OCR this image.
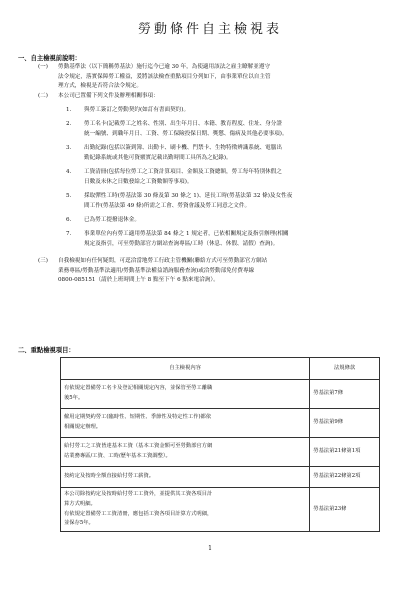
勞動條件自主檢視表
一、自主檢視前說明：
(一) 勞動基準法（以下簡稱勞基法）施行迄今已逾 30 年，為使適用該法之雇主瞭解並遵守
法令規定，落實保障勞工權益，爰將該法檢查重點項目分列如下，由事業單位以自主管
理方式，檢視是否符合法令規定。
(二) 本公司已置備下列文件及辦理相關事項：
1. 與勞工簽訂之勞動契約(如訂有書面契約)。
2. 勞工名卡(記載勞工之姓名、性別、出生年月日、本籍、教育程度、住址、身分證
統一編號、到職年月日、工資、勞工保險投保日期、獎懲、傷病及其他必要事項)。
3. 出勤紀錄(包括以簽到簿、出勤卡、刷卡機、門禁卡、生物特徵辨識系統、電腦出
勤紀錄系統或其他可資覈實記載出勤時間工具所為之紀錄)。
4. 工資清冊(包括每位勞工之工資計算項目、金額及工資總額，勞工每年特別休假之
日數及未休之日數發給之工資數額等事項)。
5. 採取彈性工時(勞基法第 30 條及第 30 條之 1)、延長工時(勞基法第 32 條)及女性夜
間工作(勞基法第 49 條)所需之工會、勞資會議及勞工同意之文件。
6. 已為勞工提撥退休金。
7. 事業單位內有勞工適用勞基法第 84 條之 1 規定者，已依相關規定及指引辦理(相關
規定及指引，可至勞動部官方網站查詢專區/工時（休息、休假、請假）查詢)。
(三) 自我檢視如有任何疑問，可逕洽當地勞工行政主管機關(聯絡方式可至勞動部官方網站
業務專區/勞動基準法適用/勞動基準法權益諮詢服務查詢)或洽勞動部免付費專線
0800-085151（請於上班時間上午 8 點至下午 6 點來電洽詢）。
二、重點檢視項目：
自主檢視內容	法規條款

有依規定置備勞工名卡及登記相關規定內容，並保管至勞工離職
後5年。	勞基法第7條

僱用定期契約勞工(臨時性、短期性、季節性及特定性工作)都依
相關規定辦理。	勞基法第9條

給付勞工之工資皆達基本工資（基本工資金額可至勞動部官方網
站業務專區/工資、工時/歷年基本工資調整）。	勞基法第21條第1項

按約定及按時全額直接給付勞工薪資。	勞基法第22條第2項

本公司除按約定及按時給付勞工工資外，並提供其工資各項目計
算方式明細。
有依規定置備勞工工資清冊，應包括工資各項目計算方式明細，
並保存5年。	勞基法第23條
1
